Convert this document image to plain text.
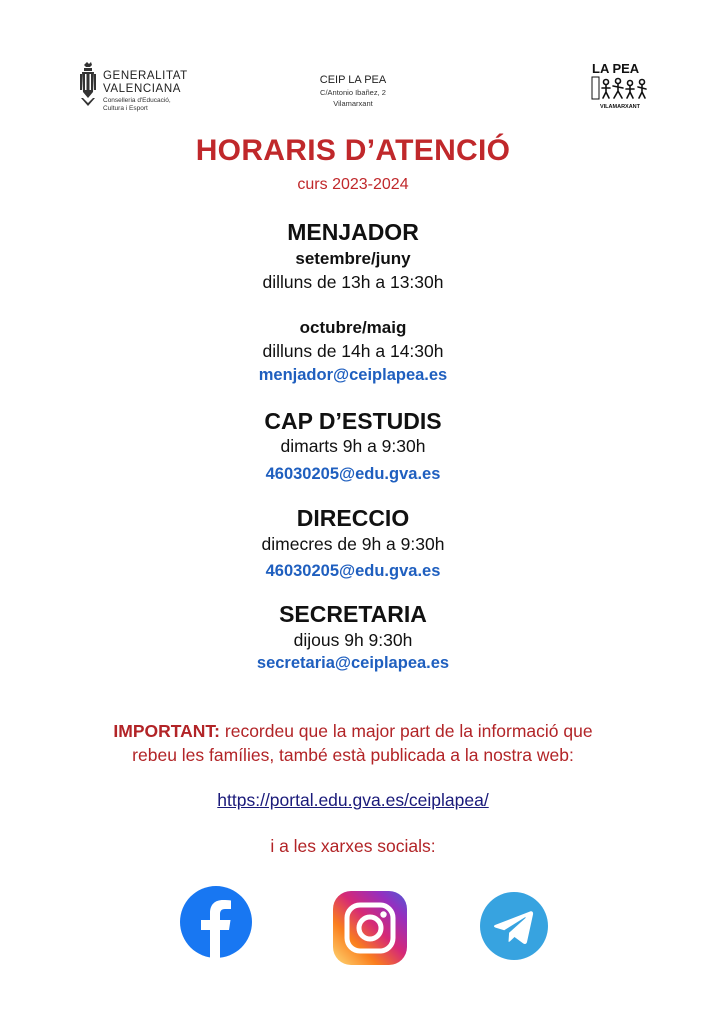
GENERALITAT
VALENCIANA
Conselleria d'Educació,
Cultura i Esport
CEIP LA PEA
C/Antonio Ibañez, 2
Vilamarxant
LA PEA
VILAMARXANT
HORARIS D’ATENCIÓ
curs 2023-2024
MENJADOR
setembre/juny
dilluns de 13h a 13:30h
octubre/maig
dilluns de 14h a 14:30h
menjador@ceiplapea.es
CAP D’ESTUDIS
dimarts 9h a 9:30h
46030205@edu.gva.es
DIRECCIO
dimecres de 9h a 9:30h
46030205@edu.gva.es
SECRETARIA
dijous 9h 9:30h
secretaria@ceiplapea.es
IMPORTANT: recordeu que la major part de la informació que
rebeu les famílies, també està publicada a la nostra web:
https://portal.edu.gva.es/ceiplapea/
i a les xarxes socials:
